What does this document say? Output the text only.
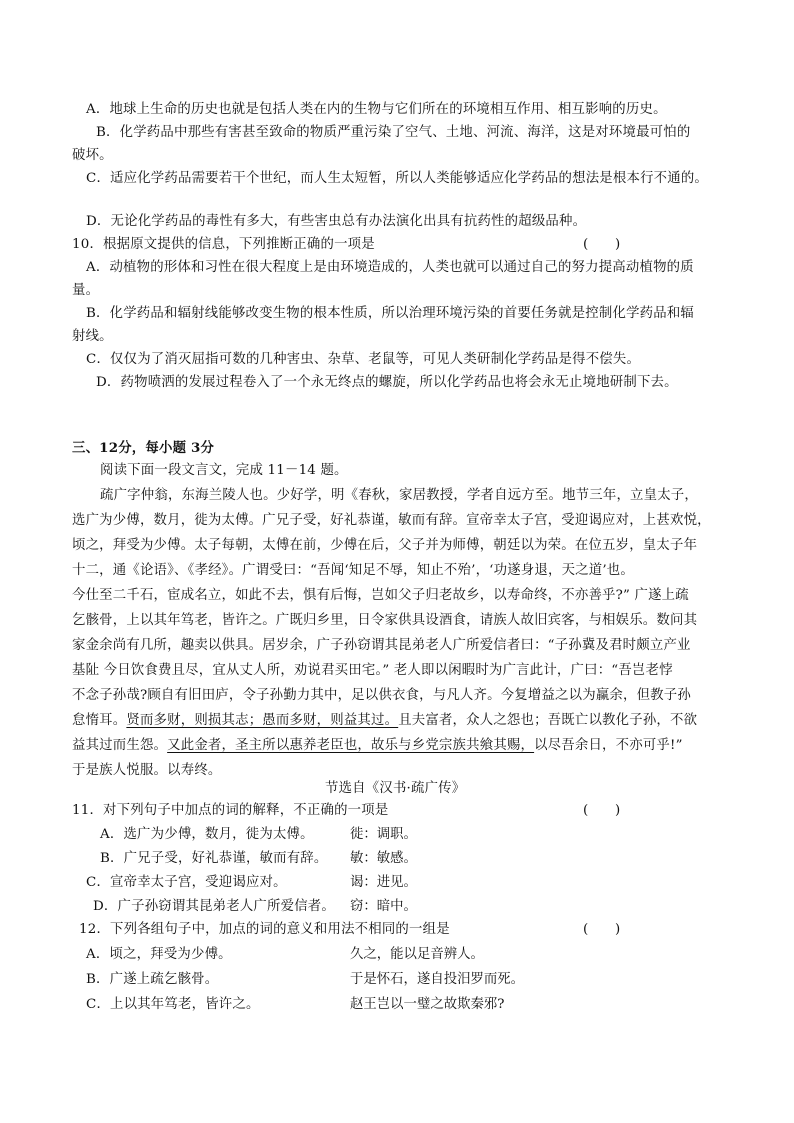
A．地球上生命的历史也就是包括人类在内的生物与它们所在的环境相互作用、相互影响的历史。
B．化学药品中那些有害甚至致命的物质严重污染了空气、土地、河流、海洋，这是对环境最可怕的
破坏。
C．适应化学药品需要若干个世纪，而人生太短暂，所以人类能够适应化学药品的想法是根本行不通的。
D．无论化学药品的毒性有多大，有些害虫总有办法演化出具有抗药性的超级品种。
10．根据原文提供的信息，下列推断正确的一项是	(　　)
A．动植物的形体和习性在很大程度上是由环境造成的，人类也就可以通过自己的努力提高动植物的质
量。
B．化学药品和辐射线能够改变生物的根本性质，所以治理环境污染的首要任务就是控制化学药品和辐
射线。
C．仅仅为了消灭屈指可数的几种害虫、杂草、老鼠等，可见人类研制化学药品是得不偿失。
D．药物喷洒的发展过程卷入了一个永无终点的螺旋，所以化学药品也将会永无止境地研制下去。
三、12分，每小题 3分
阅读下面一段文言文，完成 11－14 题。
疏广字仲翁，东海兰陵人也。少好学，明《春秋，家居教授，学者自远方至。地节三年，立皇太子，
选广为少傅，数月，徙为太傅。广兄子受，好礼恭谨，敏而有辞。宣帝幸太子宫，受迎谒应对，上甚欢悦，
顷之，拜受为少傅。太子每朝，太傅在前，少傅在后，父子并为师傅，朝廷以为荣。在位五岁，皇太子年
十二，通《论语》、《孝经》。广谓受曰：“吾闻‘知足不辱，知止不殆’，‘功遂身退，天之道’也。
今仕至二千石，宦成名立，如此不去，惧有后悔，岂如父子归老故乡，以寿命终，不亦善乎?” 广遂上疏
乞骸骨，上以其年笃老，皆许之。广既归乡里，日令家供具设酒食，请族人故旧宾客，与相娱乐。数问其
家金余尚有几所，趣卖以供具。居岁余，广子孙窃谓其昆弟老人广所爱信者曰：“子孙冀及君时颇立产业
基阯 今日饮食费且尽，宜从丈人所，劝说君买田宅。” 老人即以闲暇时为广言此计，广曰：“吾岂老悖
不念子孙哉?顾自有旧田庐，令子孙勤力其中，足以供衣食，与凡人齐。今复增益之以为赢余，但教子孙
怠惰耳。贤而多财，则损其志；愚而多财，则益其过。且夫富者，众人之怨也；吾既亡以教化子孙，不欲
益其过而生怨。又此金者，圣主所以惠养老臣也，故乐与乡党宗族共飨其赐，以尽吾余日，不亦可乎!”
于是族人悦服。以寿终。
节选自《汉书·疏广传》
11．对下列句子中加点的词的解释，不正确的一项是	(　　)
A．选广为少傅，数月，徙为太傅。	徙：调职。
B．广兄子受，好礼恭谨，敏而有辞。 敏：敏感。
C．宣帝幸太子宫，受迎谒应对。	谒：进见。
D．广子孙窃谓其昆弟老人广所爱信者。 窃：暗中。
12．下列各组句子中，加点的词的意义和用法不相同的一组是	(　　)
A．顷之，拜受为少傅。	久之，能以足音辨人。
B．广遂上疏乞骸骨。	于是怀石，遂自投汨罗而死。
C．上以其年笃老，皆许之。	赵王岂以一璧之故欺秦邪?
